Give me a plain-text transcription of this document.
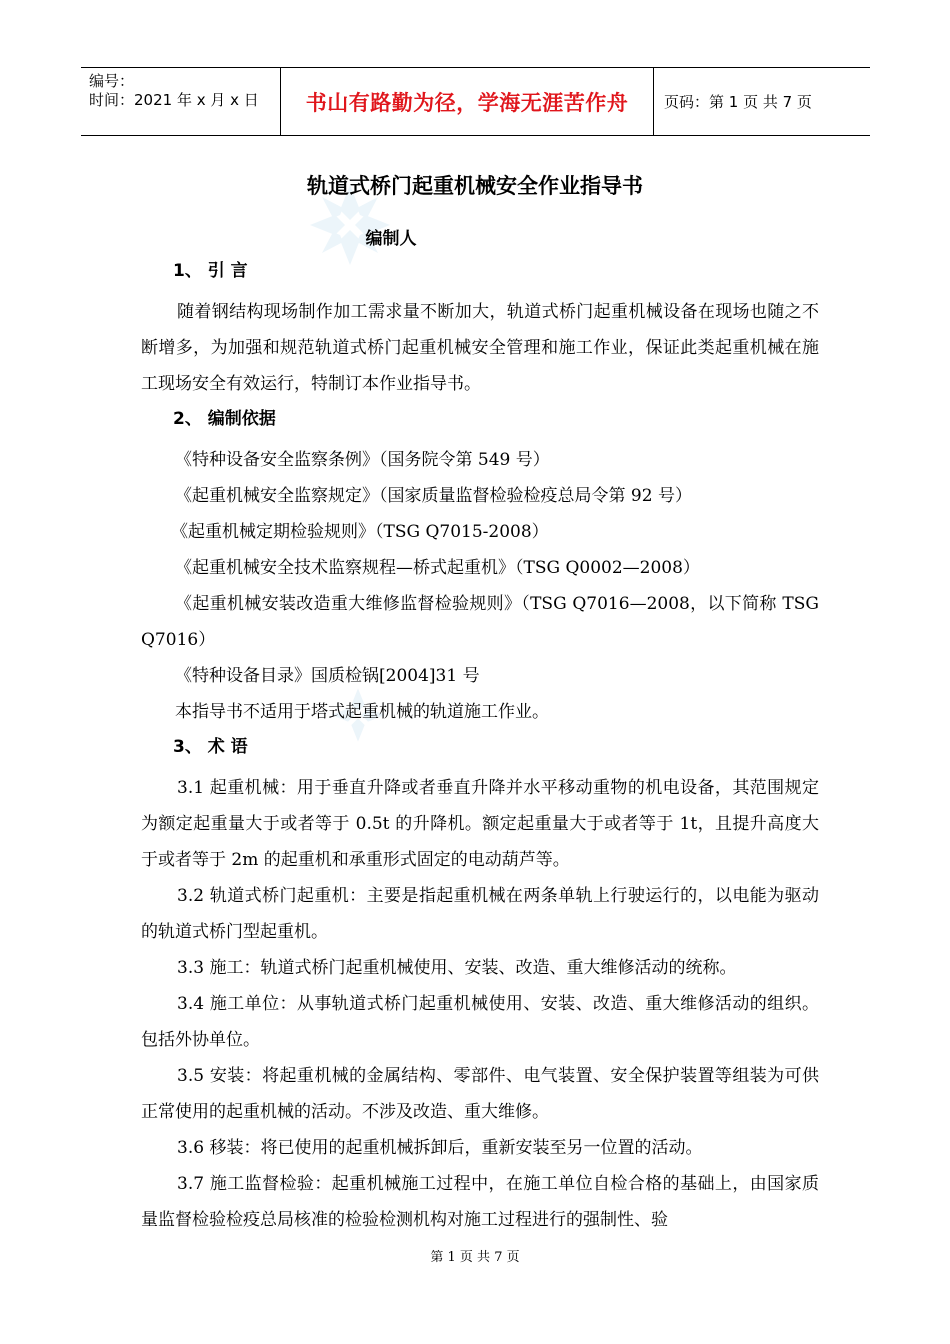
编号：
时间：2021 年 x 月 x 日	书山有路勤为径，学海无涯苦作舟 页码：第 1 页 共 7 页
轨道式桥门起重机械安全作业指导书
编制人
1、 引 言

随着钢结构现场制作加工需求量不断加大，轨道式桥门起重机械设备在现场也随之不断增多，为加强和规范轨道式桥门起重机械安全管理和施工作业，保证此类起重机械在施工现场安全有效运行，特制订本作业指导书。

2、 编制依据

《特种设备安全监察条例》（国务院令第 549 号）

《起重机械安全监察规定》（国家质量监督检验检疫总局令第 92 号）

《起重机械定期检验规则》（TSG Q7015-2008）

《起重机械安全技术监察规程—桥式起重机》（TSG Q0002—2008）

《起重机械安装改造重大维修监督检验规则》（TSG Q7016—2008，以下简称 TSG Q7016）

《特种设备目录》国质检锅[2004]31 号

本指导书不适用于塔式起重机械的轨道施工作业。

3、 术 语

3.1 起重机械：用于垂直升降或者垂直升降并水平移动重物的机电设备，其范围规定为额定起重量大于或者等于 0.5t 的升降机。额定起重量大于或者等于 1t，且提升高度大于或者等于 2m 的起重机和承重形式固定的电动葫芦等。

3.2 轨道式桥门起重机：主要是指起重机械在两条单轨上行驶运行的，以电能为驱动的轨道式桥门型起重机。

3.3 施工：轨道式桥门起重机械使用、安装、改造、重大维修活动的统称。

3.4 施工单位：从事轨道式桥门起重机械使用、安装、改造、重大维修活动的组织。包括外协单位。

3.5 安装：将起重机械的金属结构、零部件、电气装置、安全保护装置等组装为可供正常使用的起重机械的活动。不涉及改造、重大维修。

3.6 移装：将已使用的起重机械拆卸后，重新安装至另一位置的活动。

3.7 施工监督检验：起重机械施工过程中，在施工单位自检合格的基础上，由国家质量监督检验检疫总局核准的检验检测机构对施工过程进行的强制性、验

第 1 页 共 7 页
